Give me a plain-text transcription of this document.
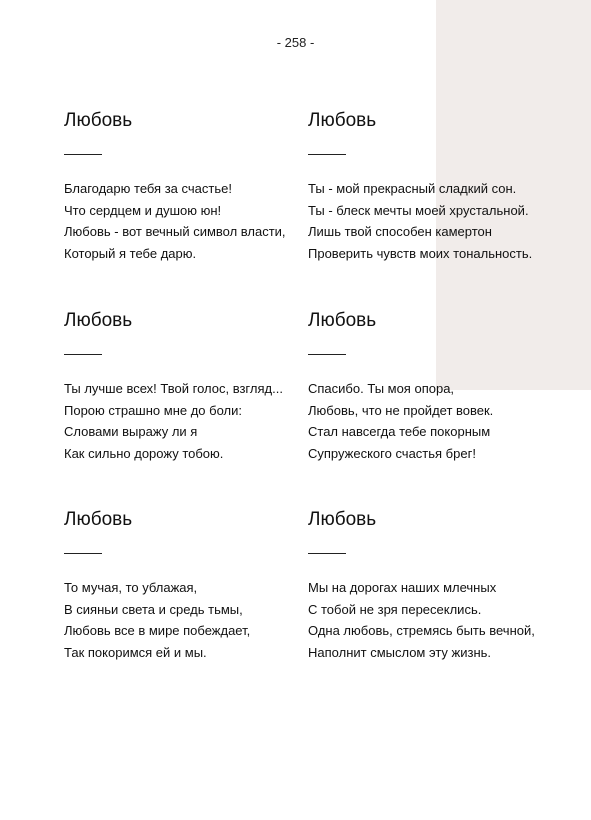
- 258 -
Любовь
Благодарю тебя за счастье!
Что сердцем и душою юн!
Любовь - вот вечный символ власти,
Который я тебе дарю.
Любовь
Ты - мой прекрасный сладкий сон.
Ты - блеск мечты моей хрустальной.
Лишь твой способен камертон
Проверить чувств моих тональность.
Любовь
Ты лучше всех! Твой голос, взгляд...
Порою страшно мне до боли:
Словами выражу ли я
Как сильно дорожу тобою.
Любовь
Спасибо. Ты моя опора,
Любовь, что не пройдет вовек.
Стал навсегда тебе покорным
Супружеского счастья брег!
Любовь
То мучая, то ублажая,
В сияньи света и средь тьмы,
Любовь все в мире побеждает,
Так покоримся ей и мы.
Любовь
Мы на дорогах наших млечных
С тобой не зря пересеклись.
Одна любовь, стремясь быть вечной,
Наполнит смыслом эту жизнь.
